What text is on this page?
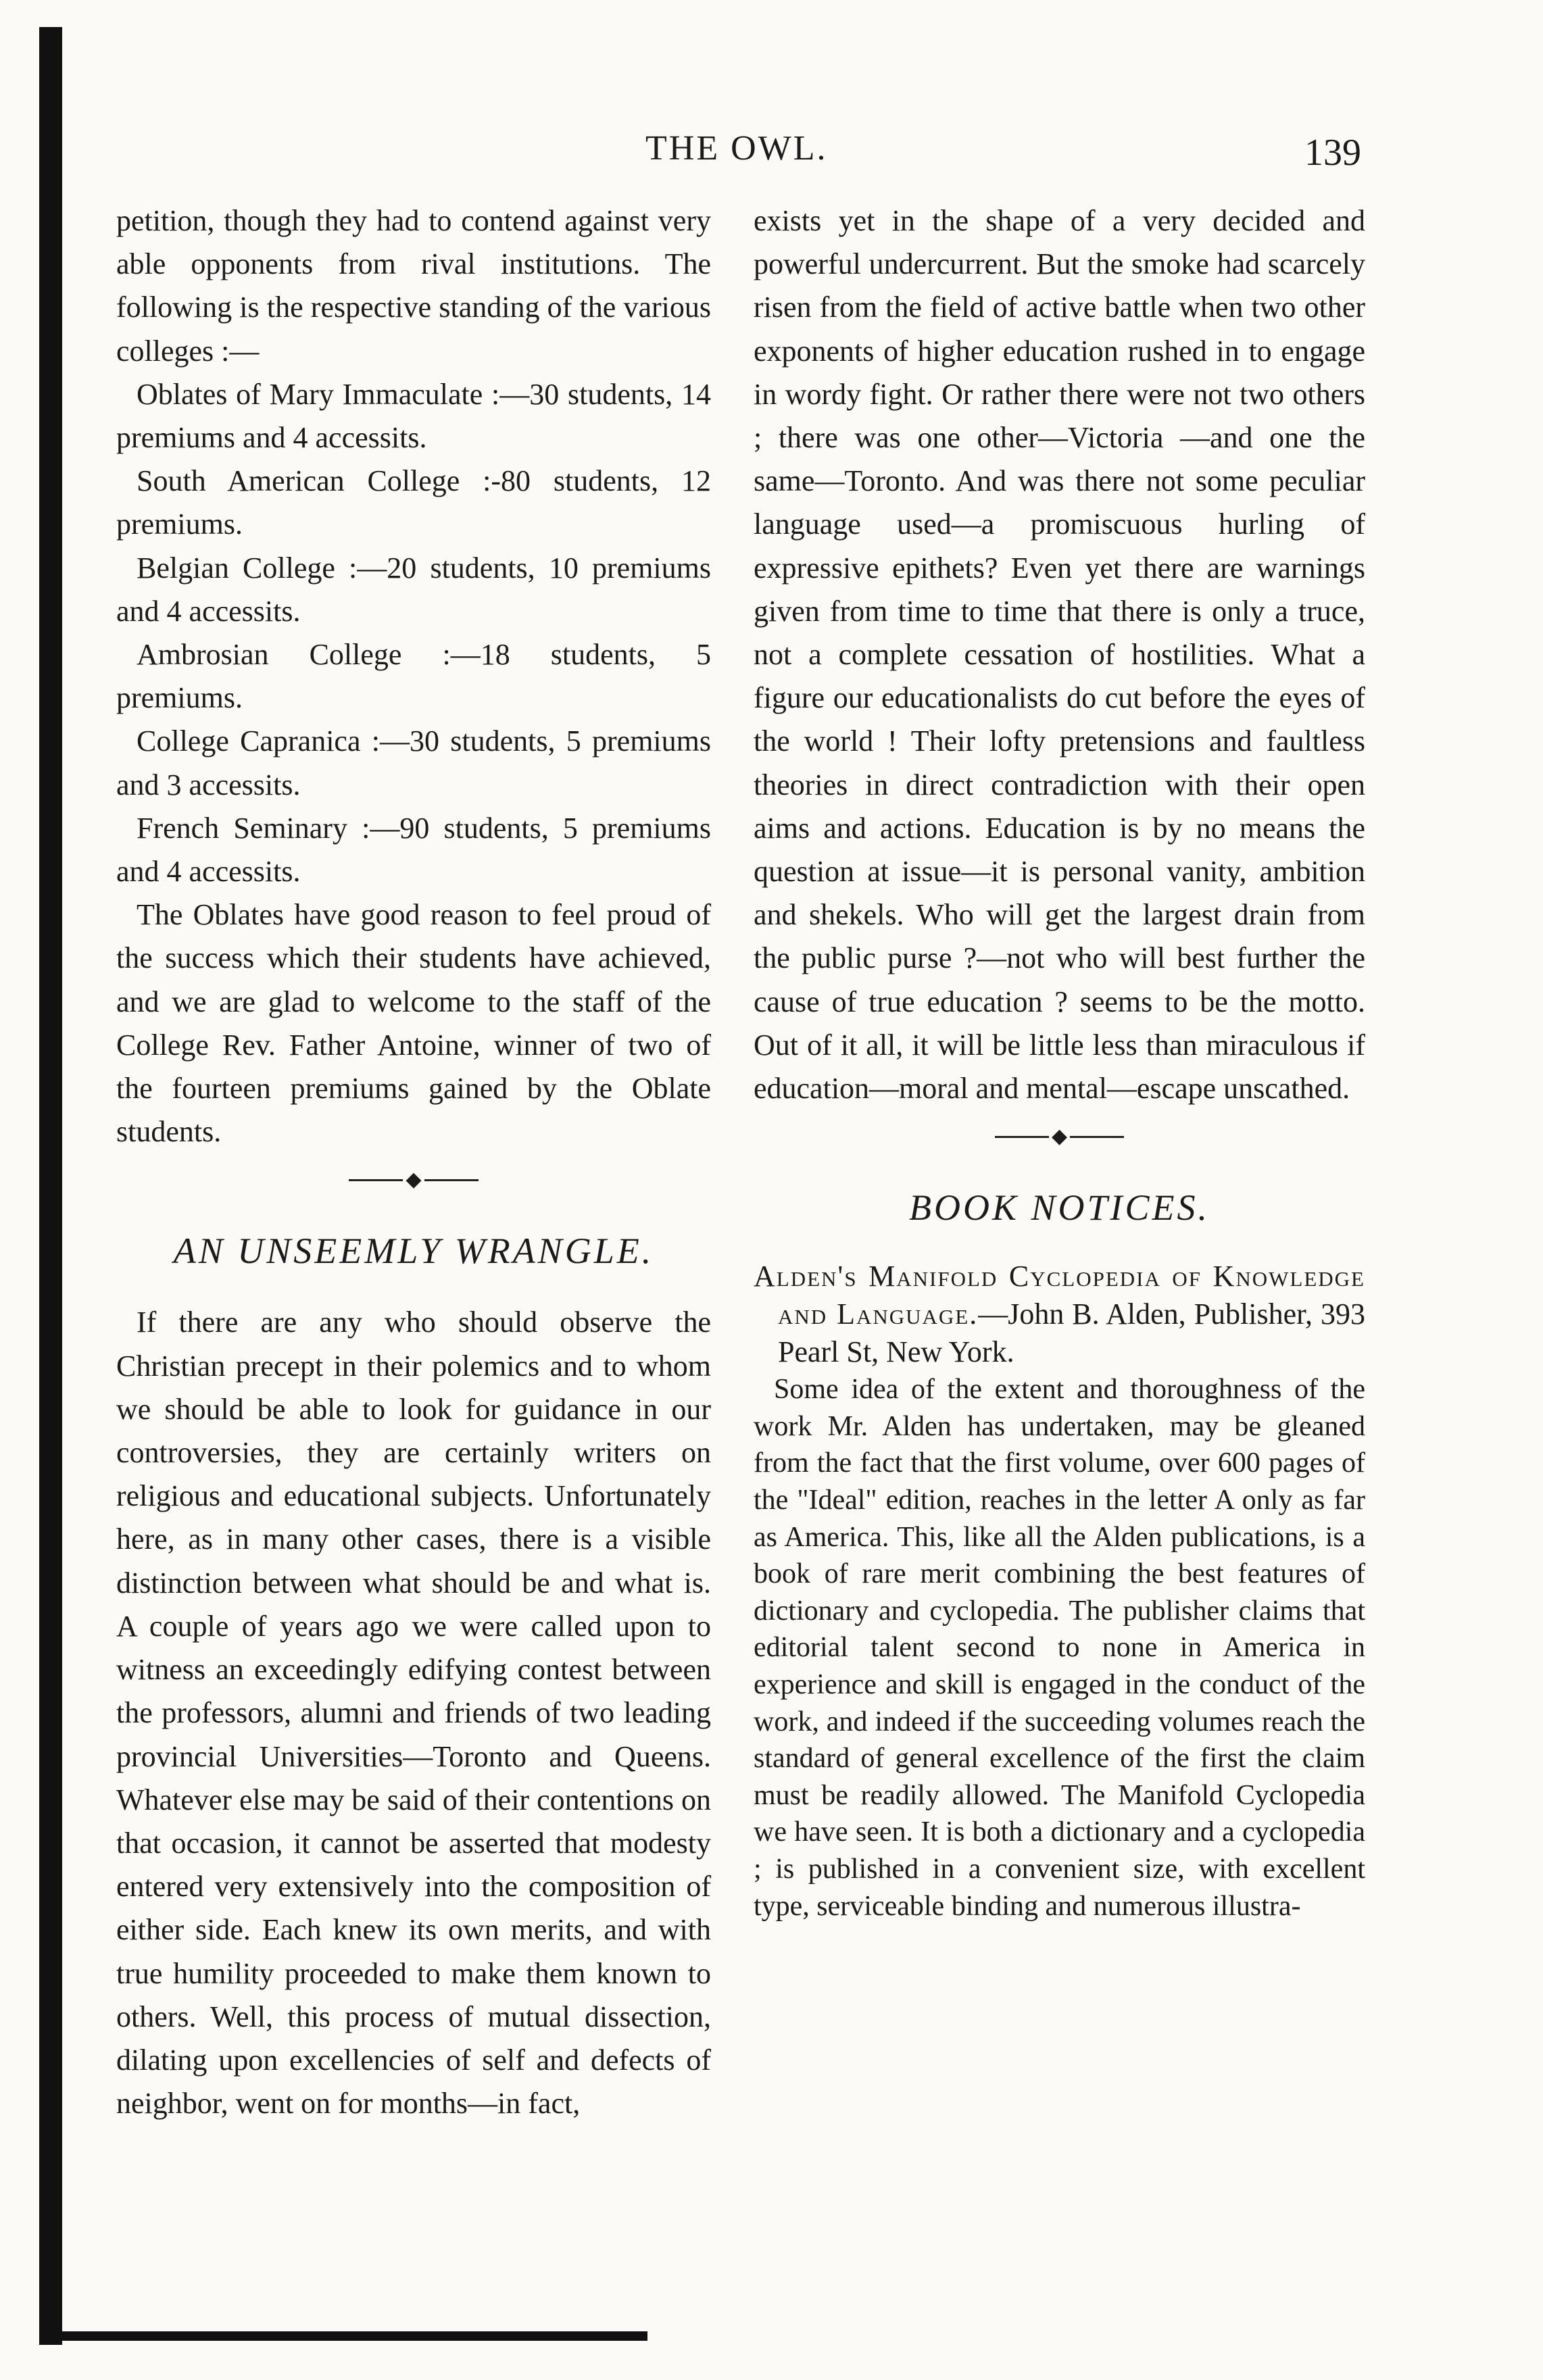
THE OWL.	139

petition, though they had to contend against very able opponents from rival institutions. The following is the respective standing of the various colleges :—

Oblates of Mary Immaculate :—30 students, 14 premiums and 4 accessits.

South American College :-80 students, 12 premiums.

Belgian College :—20 students, 10 premiums and 4 accessits.

Ambrosian College :—18 students, 5 premiums.

College Capranica :—30 students, 5 premiums and 3 accessits.

French Seminary :—90 students, 5 premiums and 4 accessits.

The Oblates have good reason to feel proud of the success which their students have achieved, and we are glad to welcome to the staff of the College Rev. Father Antoine, winner of two of the fourteen premiums gained by the Oblate students.

◆
AN UNSEEMLY WRANGLE.

If there are any who should observe the Christian precept in their polemics and to whom we should be able to look for guidance in our controversies, they are certainly writers on religious and educational subjects. Unfortunately here, as in many other cases, there is a visible distinction between what should be and what is. A couple of years ago we were called upon to witness an exceedingly edifying contest between the professors, alumni and friends of two leading provincial Universities—Toronto and Queens. Whatever else may be said of their contentions on that occasion, it cannot be asserted that modesty entered very extensively into the composition of either side. Each knew its own merits, and with true humility proceeded to make them known to others. Well, this process of mutual dissection, dilating upon excellencies of self and defects of neighbor, went on for months—in fact,

exists yet in the shape of a very decided and powerful undercurrent. But the smoke had scarcely risen from the field of active battle when two other exponents of higher education rushed in to engage in wordy fight. Or rather there were not two others ; there was one other—Victoria —and one the same—Toronto. And was there not some peculiar language used—a promiscuous hurling of expressive epithets? Even yet there are warnings given from time to time that there is only a truce, not a complete cessation of hostilities. What a figure our educationalists do cut before the eyes of the world ! Their lofty pretensions and faultless theories in direct contradiction with their open aims and actions. Education is by no means the question at issue—it is personal vanity, ambition and shekels. Who will get the largest drain from the public purse ?—not who will best further the cause of true education ? seems to be the motto. Out of it all, it will be little less than miraculous if education—moral and mental—escape unscathed.

◆
BOOK NOTICES.

Alden's Manifold Cyclopedia of Knowledge and Language.—John B. Alden, Publisher, 393 Pearl St, New York.

Some idea of the extent and thoroughness of the work Mr. Alden has undertaken, may be gleaned from the fact that the first volume, over 600 pages of the "Ideal" edition, reaches in the letter A only as far as America. This, like all the Alden publications, is a book of rare merit combining the best features of dictionary and cyclopedia. The publisher claims that editorial talent second to none in America in experience and skill is engaged in the conduct of the work, and indeed if the succeeding volumes reach the standard of general excellence of the first the claim must be readily allowed. The Manifold Cyclopedia we have seen. It is both a dictionary and a cyclopedia ; is published in a convenient size, with excellent type, serviceable binding and numerous illustra-
